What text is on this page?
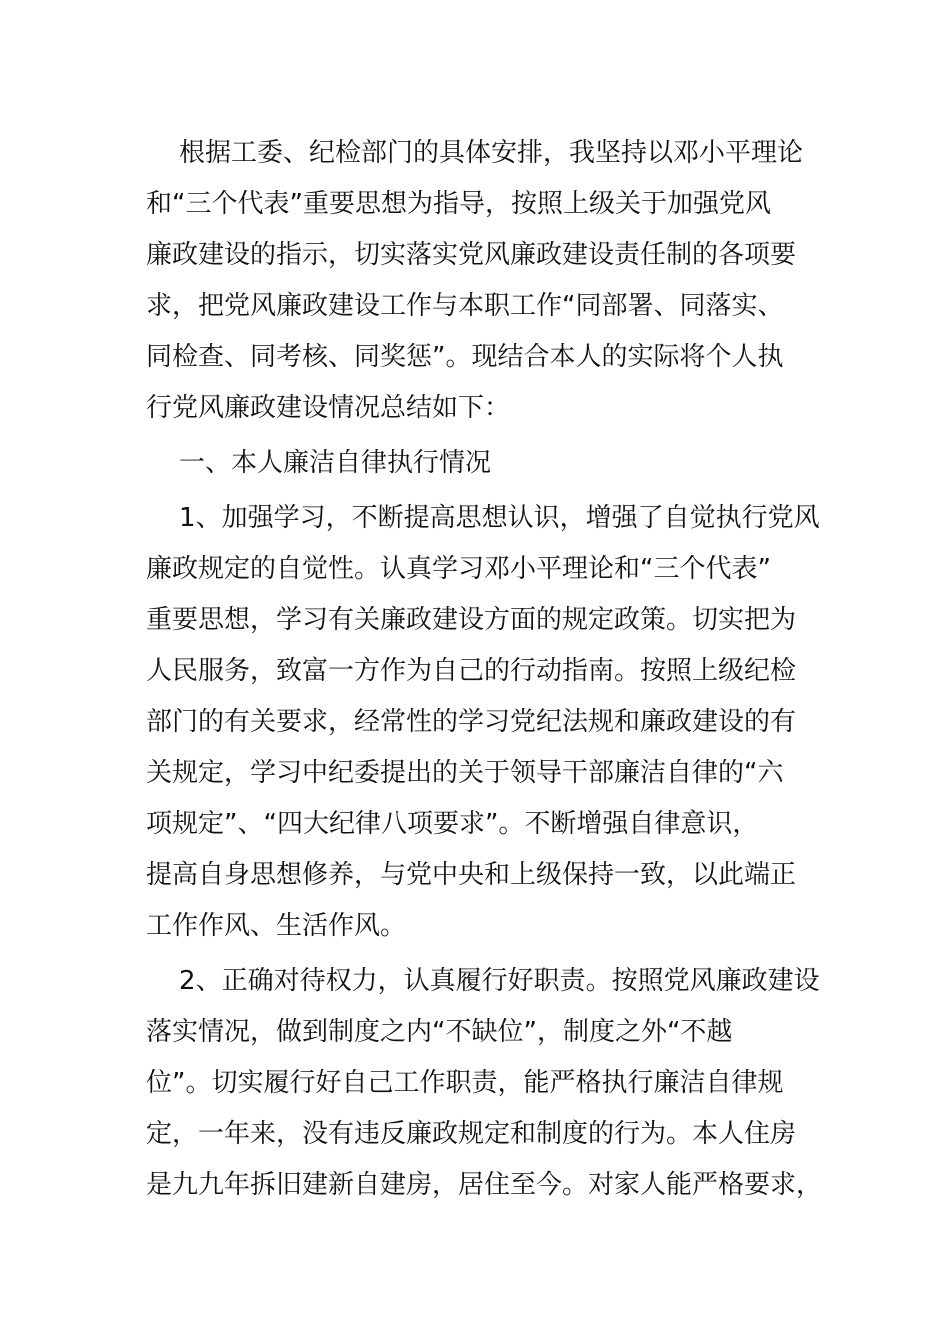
根据工委、纪检部门的具体安排，我坚持以邓小平理论
和“三个代表”重要思想为指导，按照上级关于加强党风
廉政建设的指示，切实落实党风廉政建设责任制的各项要
求，把党风廉政建设工作与本职工作“同部署、同落实、
同检查、同考核、同奖惩”。现结合本人的实际将个人执
行党风廉政建设情况总结如下：
一、本人廉洁自律执行情况
1、加强学习，不断提高思想认识，增强了自觉执行党风
廉政规定的自觉性。认真学习邓小平理论和“三个代表”
重要思想，学习有关廉政建设方面的规定政策。切实把为
人民服务，致富一方作为自己的行动指南。按照上级纪检
部门的有关要求，经常性的学习党纪法规和廉政建设的有
关规定，学习中纪委提出的关于领导干部廉洁自律的“六
项规定”、“四大纪律八项要求”。不断增强自律意识，
提高自身思想修养，与党中央和上级保持一致，以此端正
工作作风、生活作风。
2、正确对待权力，认真履行好职责。按照党风廉政建设
落实情况，做到制度之内“不缺位”，制度之外“不越
位”。切实履行好自己工作职责，能严格执行廉洁自律规
定，一年来，没有违反廉政规定和制度的行为。本人住房
是九九年拆旧建新自建房，居住至今。对家人能严格要求，
